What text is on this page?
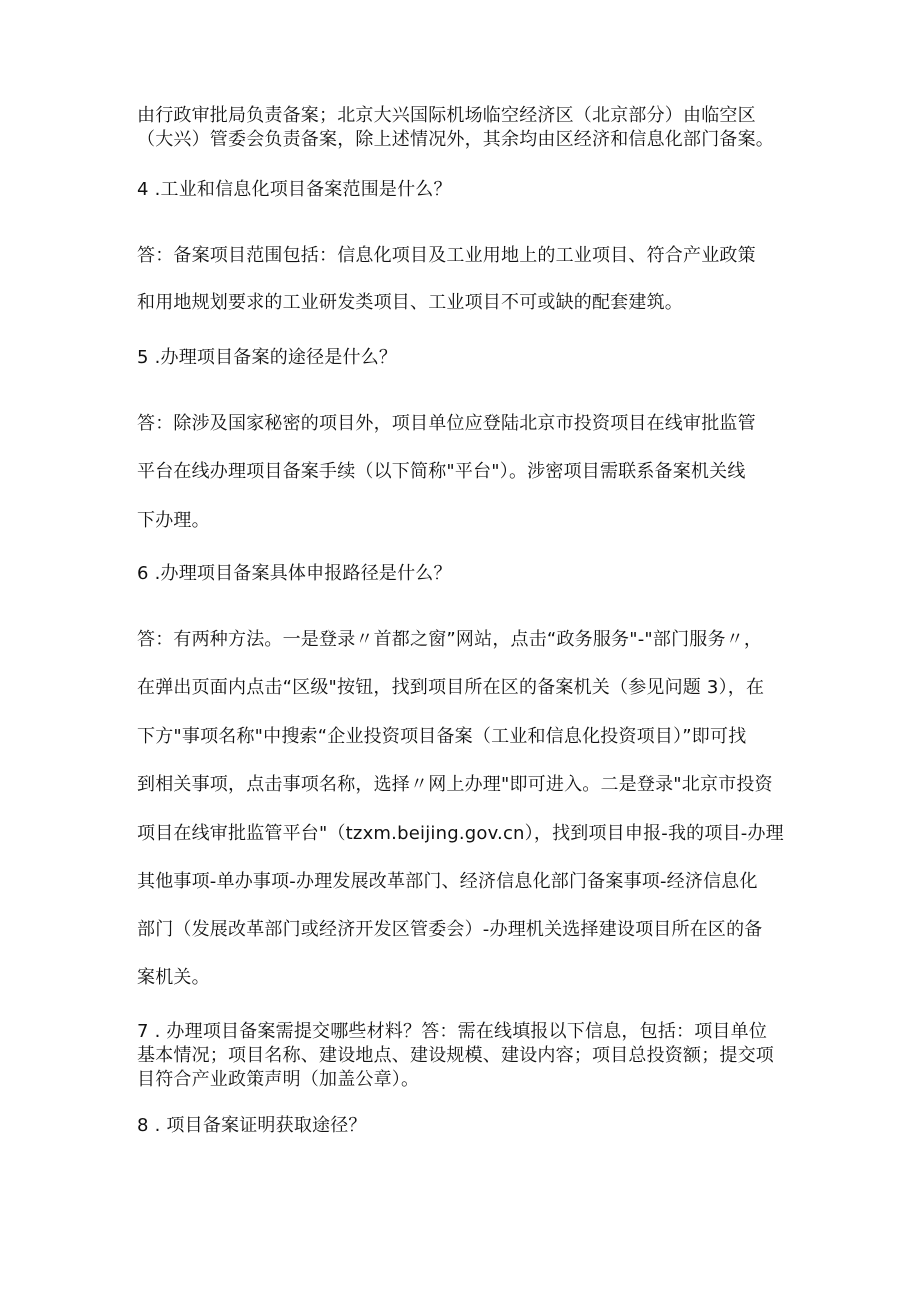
由行政审批局负责备案；北京大兴国际机场临空经济区（北京部分）由临空区

（大兴）管委会负责备案，除上述情况外，其余均由区经济和信息化部门备案。

4 .工业和信息化项目备案范围是什么？

答：备案项目范围包括：信息化项目及工业用地上的工业项目、符合产业政策

和用地规划要求的工业研发类项目、工业项目不可或缺的配套建筑。

5 .办理项目备案的途径是什么？

答：除涉及国家秘密的项目外，项目单位应登陆北京市投资项目在线审批监管

平台在线办理项目备案手续（以下简称"平台"）。涉密项目需联系备案机关线

下办理。

6 .办理项目备案具体申报路径是什么？

答：有两种方法。一是登录〃首都之窗”网站，点击“政务服务"-"部门服务〃，

在弹出页面内点击“区级"按钮，找到项目所在区的备案机关（参见问题 3），在

下方"事项名称"中搜索“企业投资项目备案（工业和信息化投资项目）”即可找

到相关事项，点击事项名称，选择〃网上办理"即可进入。二是登录"北京市投资

项目在线审批监管平台"（tzxm.beijing.gov.cn），找到项目申报-我的项目-办理

其他事项-单办事项-办理发展改革部门、经济信息化部门备案事项-经济信息化

部门（发展改革部门或经济开发区管委会）-办理机关选择建设项目所在区的备

案机关。

7 . 办理项目备案需提交哪些材料？答：需在线填报以下信息，包括：项目单位

基本情况；项目名称、建设地点、建设规模、建设内容；项目总投资额；提交项

目符合产业政策声明（加盖公章）。

8 . 项目备案证明获取途径？
